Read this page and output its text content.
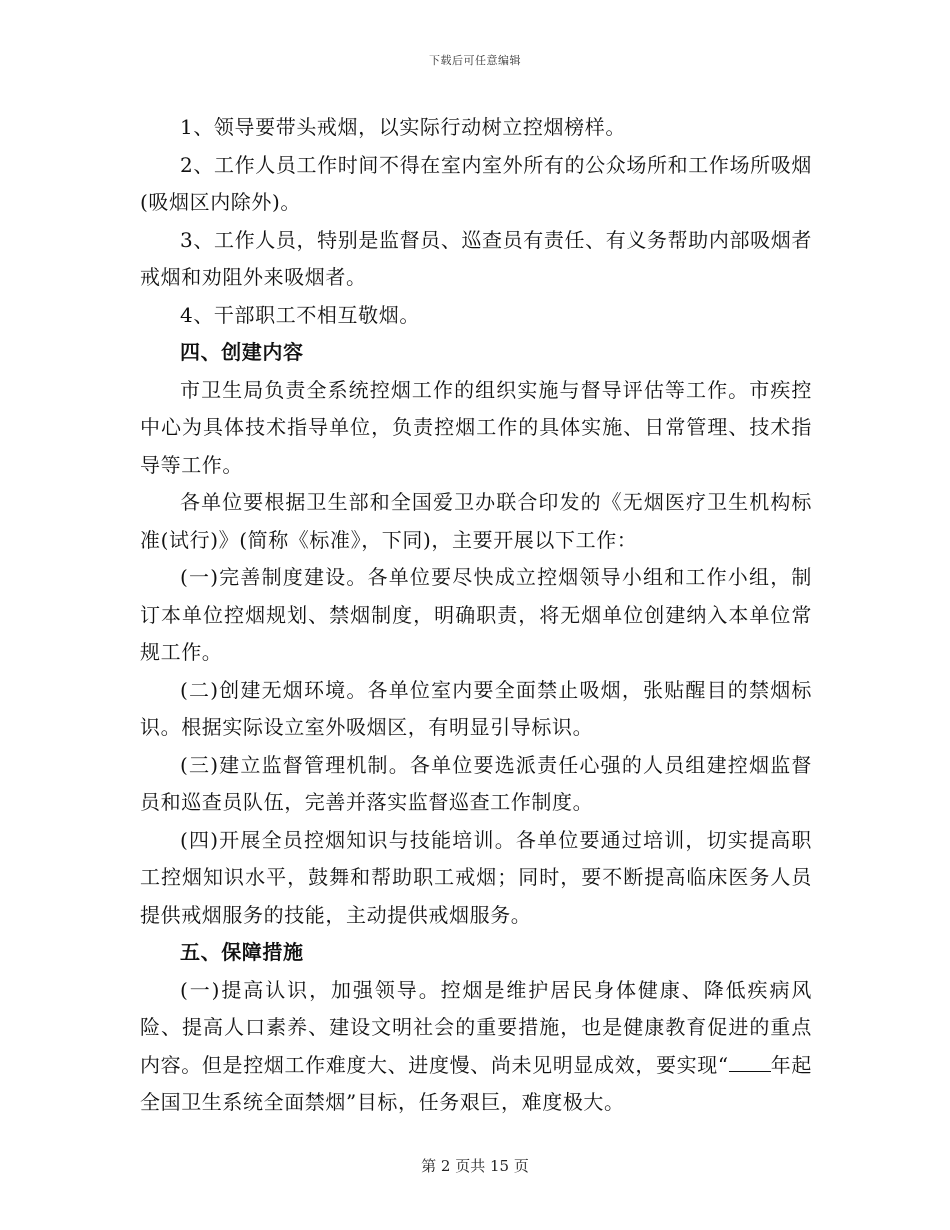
下载后可任意编辑

1、领导要带头戒烟，以实际行动树立控烟榜样。

2、工作人员工作时间不得在室内室外所有的公众场所和工作场所吸烟(吸烟区内除外)。

3、工作人员，特别是监督员、巡查员有责任、有义务帮助内部吸烟者戒烟和劝阻外来吸烟者。

4、干部职工不相互敬烟。

四、创建内容

市卫生局负责全系统控烟工作的组织实施与督导评估等工作。市疾控中心为具体技术指导单位，负责控烟工作的具体实施、日常管理、技术指导等工作。

各单位要根据卫生部和全国爱卫办联合印发的《无烟医疗卫生机构标准(试行)》(简称《标准》，下同)，主要开展以下工作：

(一)完善制度建设。各单位要尽快成立控烟领导小组和工作小组，制订本单位控烟规划、禁烟制度，明确职责，将无烟单位创建纳入本单位常规工作。

(二)创建无烟环境。各单位室内要全面禁止吸烟，张贴醒目的禁烟标识。根据实际设立室外吸烟区，有明显引导标识。

(三)建立监督管理机制。各单位要选派责任心强的人员组建控烟监督员和巡查员队伍，完善并落实监督巡查工作制度。

(四)开展全员控烟知识与技能培训。各单位要通过培训，切实提高职工控烟知识水平，鼓舞和帮助职工戒烟；同时，要不断提高临床医务人员提供戒烟服务的技能，主动提供戒烟服务。

五、保障措施

(一)提高认识，加强领导。控烟是维护居民身体健康、降低疾病风险、提高人口素养、建设文明社会的重要措施，也是健康教育促进的重点内容。但是控烟工作难度大、进度慢、尚未见明显成效，要实现“ 年起全国卫生系统全面禁烟”目标，任务艰巨，难度极大。

第 2 页共 15 页
